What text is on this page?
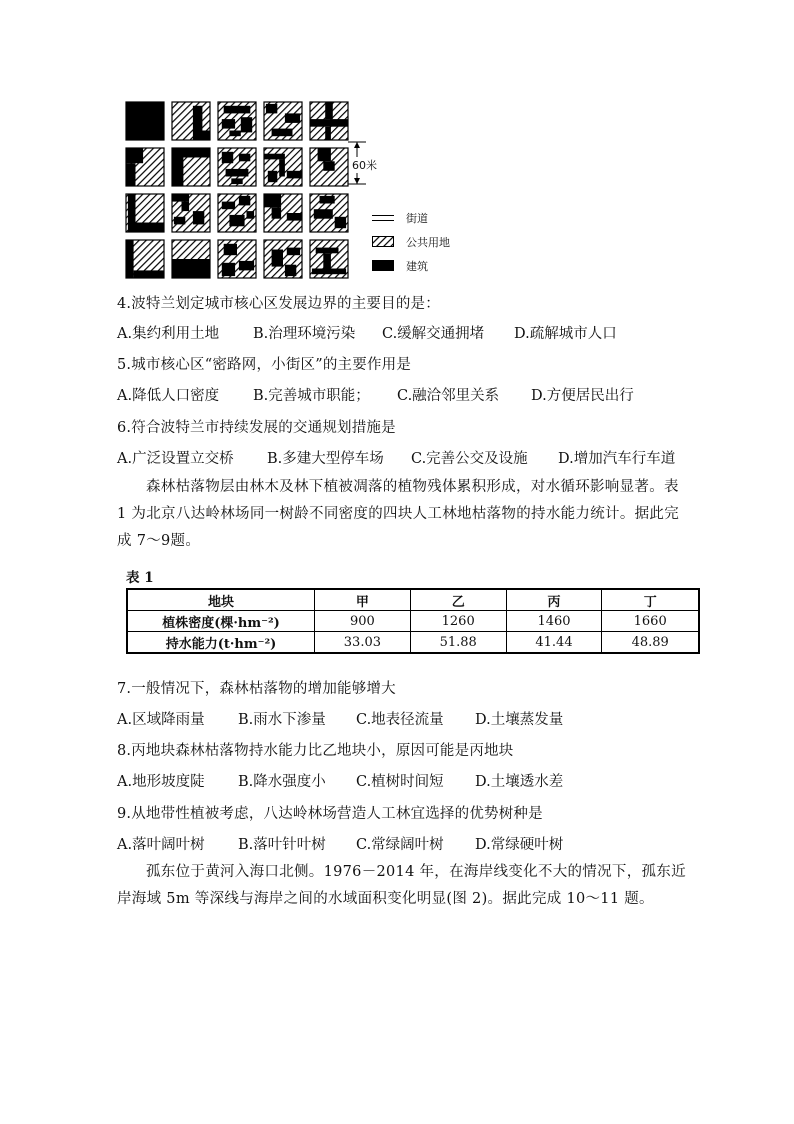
60米
街道
公共用地
建筑
4.波特兰划定城市核心区发展边界的主要目的是：
A.集约利用土地 B.治理环境污染 C.缓解交通拥堵 D.疏解城市人口
5.城市核心区“密路网，小街区”的主要作用是
A.降低人口密度 B.完善城市职能； C.融洽邻里关系 D.方便居民出行
6.符合波特兰市持续发展的交通规划措施是
A.广泛设置立交桥 B.多建大型停车场 C.完善公交及设施 D.增加汽车行车道
森林枯落物层由林木及林下植被凋落的植物残体累积形成，对水循环影响显著。表 1 为北京八达岭林场同一树龄不同密度的四块人工林地枯落物的持水能力统计。据此完成 7～9题。
表 1
地块	甲	乙	丙	丁
植株密度(棵·hm⁻²)	900	1260	1460	1660
持水能力(t·hm⁻²)	33.03	51.88	41.44	48.89
7.一般情况下，森林枯落物的增加能够增大
A.区域降雨量 B.雨水下渗量 C.地表径流量 D.土壤蒸发量
8.丙地块森林枯落物持水能力比乙地块小，原因可能是丙地块
A.地形坡度陡 B.降水强度小 C.植树时间短 D.土壤透水差
9.从地带性植被考虑，八达岭林场营造人工林宜选择的优势树种是
A.落叶阔叶树 B.落叶针叶树 C.常绿阔叶树 D.常绿硬叶树
孤东位于黄河入海口北侧。1976－2014 年，在海岸线变化不大的情况下，孤东近岸海域 5m 等深线与海岸之间的水域面积变化明显(图 2)。据此完成 10～11 题。
